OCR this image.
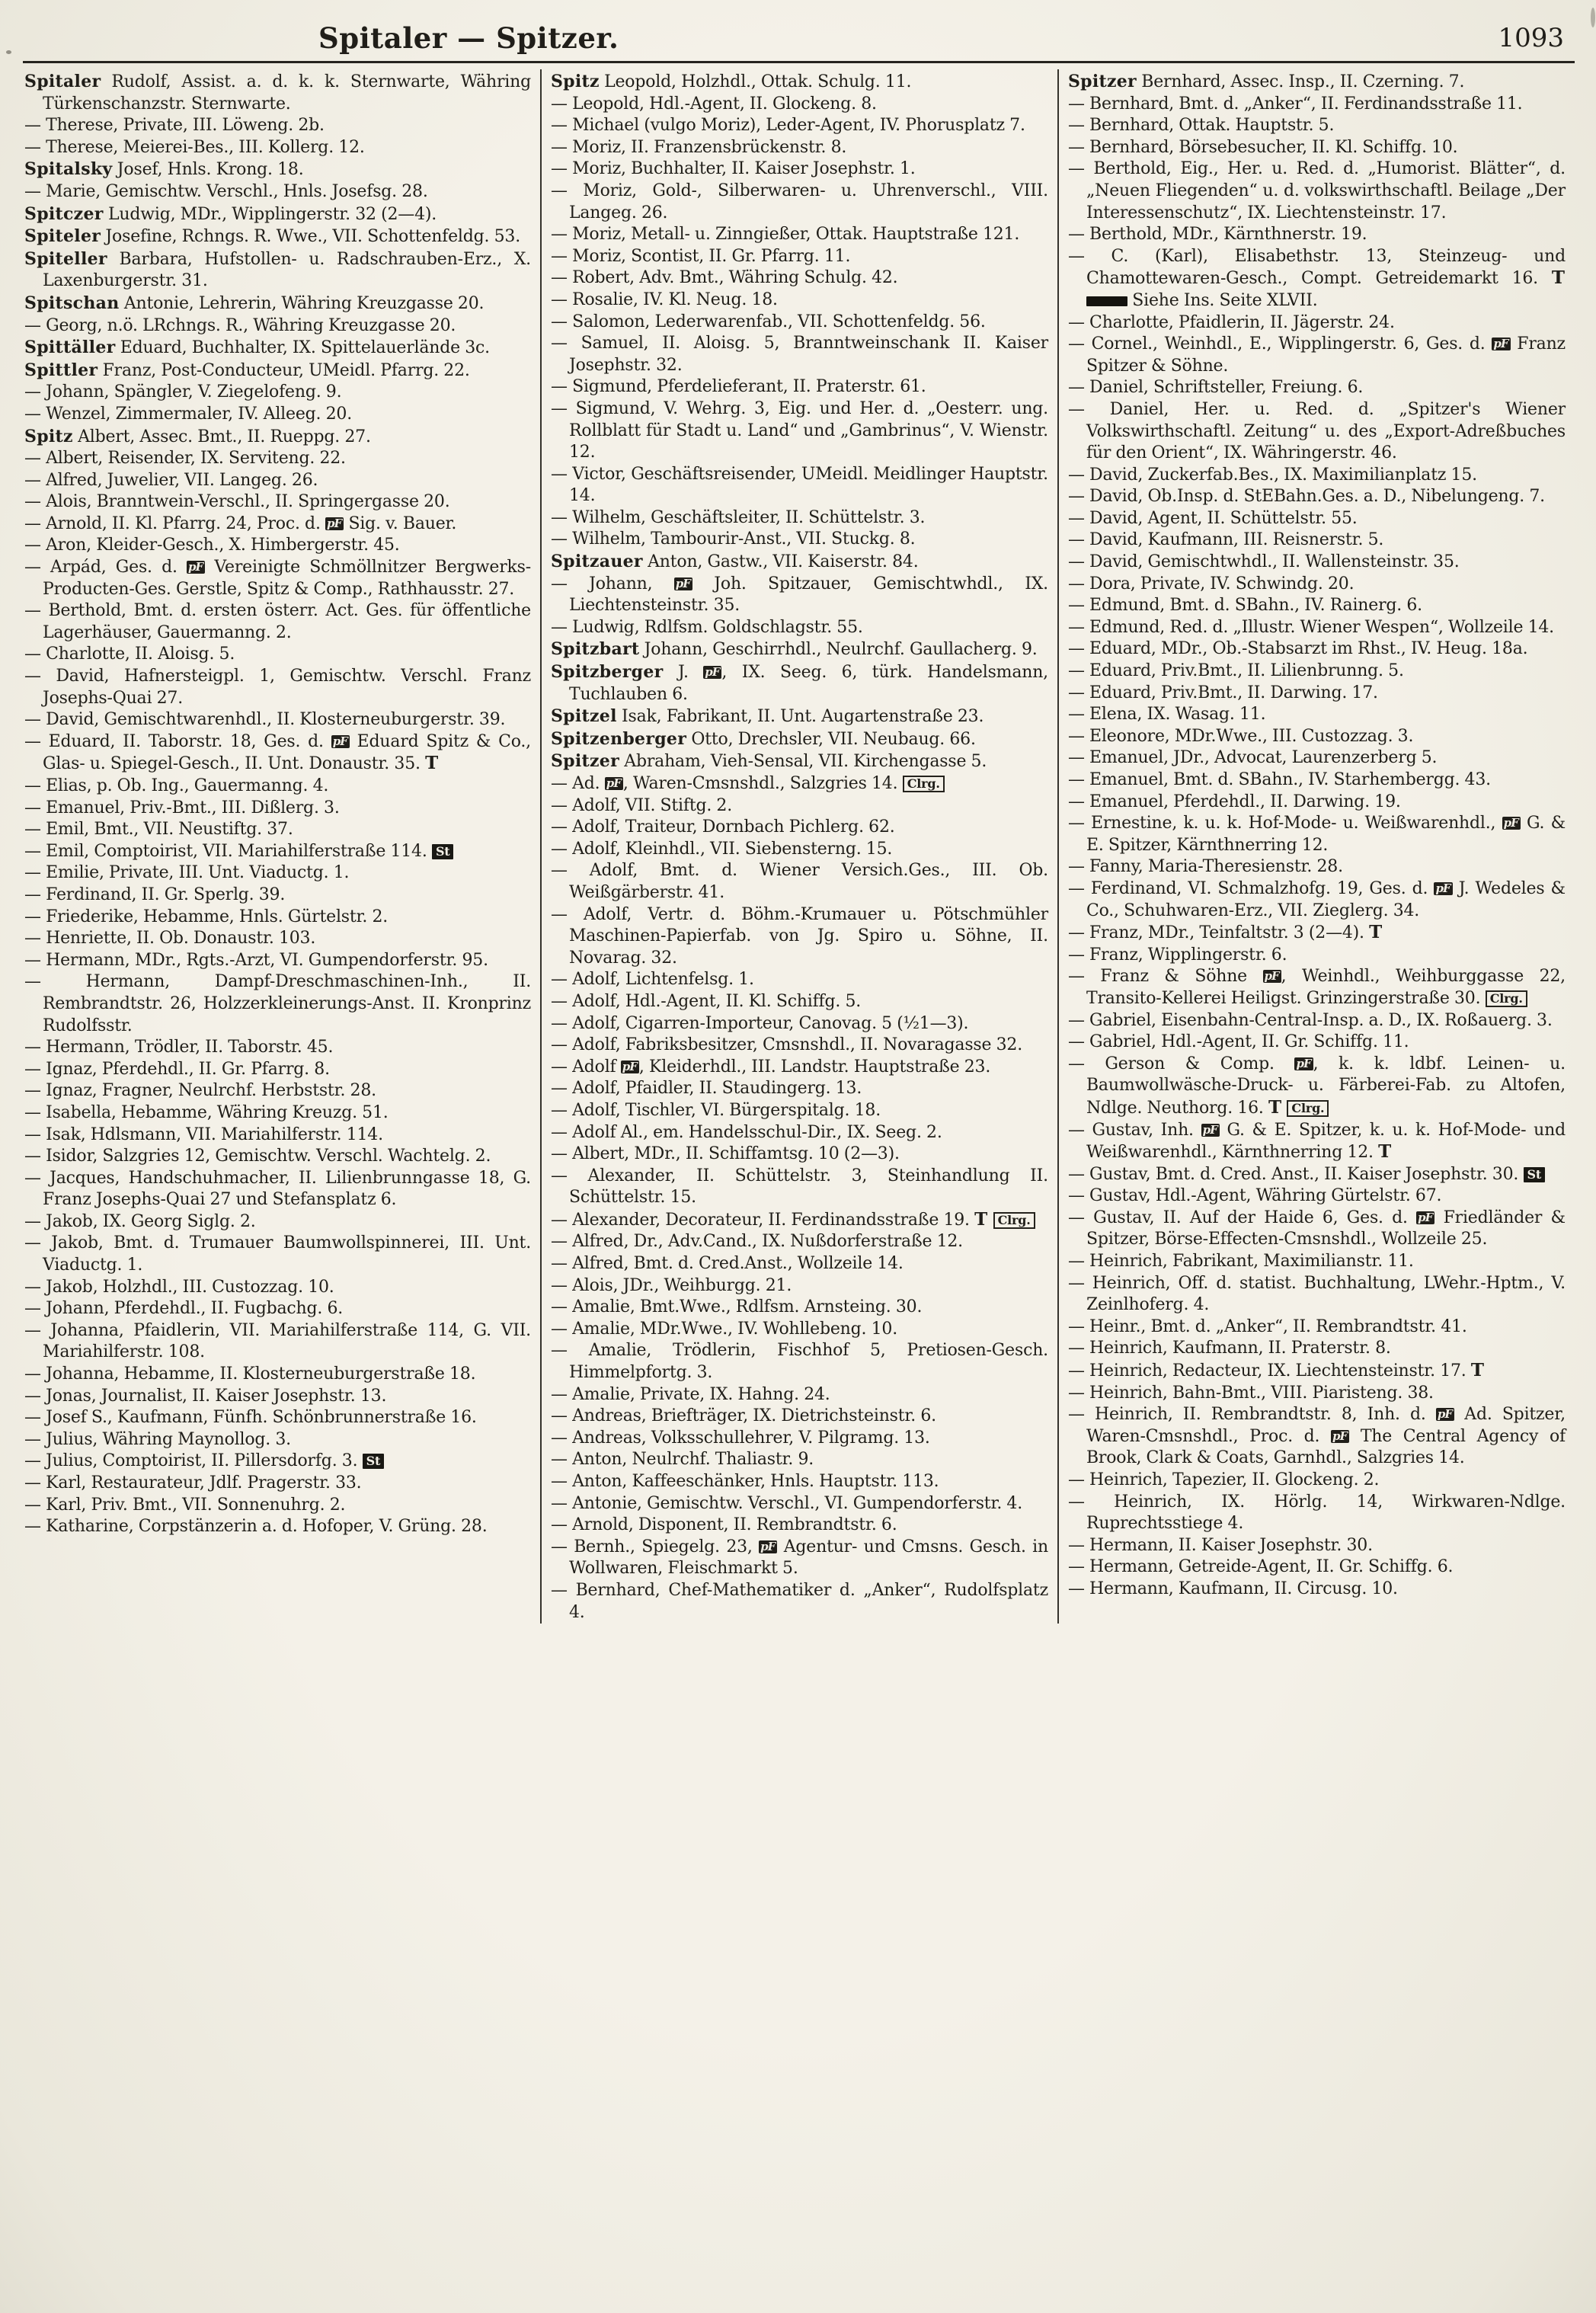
Spitaler — Spitzer.	1093

Spitaler Rudolf, Assist. a. d. k. k. Sternwarte, Währing Türkenschanzstr. Sternwarte.

— Therese, Private, III. Löweng. 2b.

— Therese, Meierei-Bes., III. Kollerg. 12.

Spitalsky Josef, Hnls. Krong. 18.

— Marie, Gemischtw. Verschl., Hnls. Josefsg. 28.

Spitczer Ludwig, MDr., Wipplingerstr. 32 (2—4).

Spiteler Josefine, Rchngs. R. Wwe., VII. Schottenfeldg. 53.

Spiteller Barbara, Hufstollen- u. Radschrauben-Erz., X. Laxenburgerstr. 31.

Spitschan Antonie, Lehrerin, Währing Kreuzgasse 20.

— Georg, n.ö. LRchngs. R., Währing Kreuzgasse 20.

Spittäller Eduard, Buchhalter, IX. Spittelauerlände 3c.

Spittler Franz, Post-Conducteur, UMeidl. Pfarrg. 22.

— Johann, Spängler, V. Ziegelofeng. 9.

— Wenzel, Zimmermaler, IV. Alleeg. 20.

Spitz Albert, Assec. Bmt., II. Rueppg. 27.

— Albert, Reisender, IX. Serviteng. 22.

— Alfred, Juwelier, VII. Langeg. 26.

— Alois, Branntwein-Verschl., II. Springergasse 20.

— Arnold, II. Kl. Pfarrg. 24, Proc. d. pF Sig. v. Bauer.

— Aron, Kleider-Gesch., X. Himbergerstr. 45.

— Arpád, Ges. d. pF Vereinigte Schmöllnitzer Bergwerks-Producten-Ges. Gerstle, Spitz & Comp., Rathhausstr. 27.

— Berthold, Bmt. d. ersten österr. Act. Ges. für öffentliche Lagerhäuser, Gauermanng. 2.

— Charlotte, II. Aloisg. 5.

— David, Hafnersteigpl. 1, Gemischtw. Verschl. Franz Josephs-Quai 27.

— David, Gemischtwarenhdl., II. Klosterneuburgerstr. 39.

— Eduard, II. Taborstr. 18, Ges. d. pF Eduard Spitz & Co., Glas- u. Spiegel-Gesch., II. Unt. Donaustr. 35. T

— Elias, p. Ob. Ing., Gauermanng. 4.

— Emanuel, Priv.-Bmt., III. Dißlerg. 3.

— Emil, Bmt., VII. Neustiftg. 37.

— Emil, Comptoirist, VII. Mariahilferstraße 114. St

— Emilie, Private, III. Unt. Viaductg. 1.

— Ferdinand, II. Gr. Sperlg. 39.

— Friederike, Hebamme, Hnls. Gürtelstr. 2.

— Henriette, II. Ob. Donaustr. 103.

— Hermann, MDr., Rgts.-Arzt, VI. Gumpendorferstr. 95.

— Hermann, Dampf-Dreschmaschinen-Inh., II. Rembrandtstr. 26, Holzzerkleinerungs-Anst. II. Kronprinz Rudolfsstr.

— Hermann, Trödler, II. Taborstr. 45.

— Ignaz, Pferdehdl., II. Gr. Pfarrg. 8.

— Ignaz, Fragner, Neulrchf. Herbststr. 28.

— Isabella, Hebamme, Währing Kreuzg. 51.

— Isak, Hdlsmann, VII. Mariahilferstr. 114.

— Isidor, Salzgries 12, Gemischtw. Verschl. Wachtelg. 2.

— Jacques, Handschuhmacher, II. Lilienbrunngasse 18, G. Franz Josephs-Quai 27 und Stefansplatz 6.

— Jakob, IX. Georg Siglg. 2.

— Jakob, Bmt. d. Trumauer Baumwollspinnerei, III. Unt. Viaductg. 1.

— Jakob, Holzhdl., III. Custozzag. 10.

— Johann, Pferdehdl., II. Fugbachg. 6.

— Johanna, Pfaidlerin, VII. Mariahilferstraße 114, G. VII. Mariahilferstr. 108.

— Johanna, Hebamme, II. Klosterneuburgerstraße 18.

— Jonas, Journalist, II. Kaiser Josephstr. 13.

— Josef S., Kaufmann, Fünfh. Schönbrunnerstraße 16.

— Julius, Währing Maynollog. 3.

— Julius, Comptoirist, II. Pillersdorfg. 3. St

— Karl, Restaurateur, Jdlf. Pragerstr. 33.

— Karl, Priv. Bmt., VII. Sonnenuhrg. 2.

— Katharine, Corpstänzerin a. d. Hofoper, V. Grüng. 28.

Spitz Leopold, Holzhdl., Ottak. Schulg. 11.

— Leopold, Hdl.-Agent, II. Glockeng. 8.

— Michael (vulgo Moriz), Leder-Agent, IV. Phorusplatz 7.

— Moriz, II. Franzensbrückenstr. 8.

— Moriz, Buchhalter, II. Kaiser Josephstr. 1.

— Moriz, Gold-, Silberwaren- u. Uhrenverschl., VIII. Langeg. 26.

— Moriz, Metall- u. Zinngießer, Ottak. Hauptstraße 121.

— Moriz, Scontist, II. Gr. Pfarrg. 11.

— Robert, Adv. Bmt., Währing Schulg. 42.

— Rosalie, IV. Kl. Neug. 18.

— Salomon, Lederwarenfab., VII. Schottenfeldg. 56.

— Samuel, II. Aloisg. 5, Branntweinschank II. Kaiser Josephstr. 32.

— Sigmund, Pferdelieferant, II. Praterstr. 61.

— Sigmund, V. Wehrg. 3, Eig. und Her. d. „Oesterr. ung. Rollblatt für Stadt u. Land“ und „Gambrinus“, V. Wienstr. 12.

— Victor, Geschäftsreisender, UMeidl. Meidlinger Hauptstr. 14.

— Wilhelm, Geschäftsleiter, II. Schüttelstr. 3.

— Wilhelm, Tambourir-Anst., VII. Stuckg. 8.

Spitzauer Anton, Gastw., VII. Kaiserstr. 84.

— Johann, pF Joh. Spitzauer, Gemischtwhdl., IX. Liechtensteinstr. 35.

— Ludwig, Rdlfsm. Goldschlagstr. 55.

Spitzbart Johann, Geschirrhdl., Neulrchf. Gaullacherg. 9.

Spitzberger J. pF , IX. Seeg. 6, türk. Handelsmann, Tuchlauben 6.

Spitzel Isak, Fabrikant, II. Unt. Augartenstraße 23.

Spitzenberger Otto, Drechsler, VII. Neubaug. 66.

Spitzer Abraham, Vieh-Sensal, VII. Kirchengasse 5.

— Ad. pF , Waren-Cmsnshdl., Salzgries 14. Clrg.

— Adolf, VII. Stiftg. 2.

— Adolf, Traiteur, Dornbach Pichlerg. 62.

— Adolf, Kleinhdl., VII. Siebensterng. 15.

— Adolf, Bmt. d. Wiener Versich.Ges., III. Ob. Weißgärberstr. 41.

— Adolf, Vertr. d. Böhm.-Krumauer u. Pötschmühler Maschinen-Papierfab. von Jg. Spiro u. Söhne, II. Novarag. 32.

— Adolf, Lichtenfelsg. 1.

— Adolf, Hdl.-Agent, II. Kl. Schiffg. 5.

— Adolf, Cigarren-Importeur, Canovag. 5 (½1—3).

— Adolf, Fabriksbesitzer, Cmsnshdl., II. Novaragasse 32.

— Adolf pF , Kleiderhdl., III. Landstr. Hauptstraße 23.

— Adolf, Pfaidler, II. Staudingerg. 13.

— Adolf, Tischler, VI. Bürgerspitalg. 18.

— Adolf Al., em. Handelsschul-Dir., IX. Seeg. 2.

— Albert, MDr., II. Schiffamtsg. 10 (2—3).

— Alexander, II. Schüttelstr. 3, Steinhandlung II. Schüttelstr. 15.

— Alexander, Decorateur, II. Ferdinandsstraße 19. T Clrg.

— Alfred, Dr., Adv.Cand., IX. Nußdorferstraße 12.

— Alfred, Bmt. d. Cred.Anst., Wollzeile 14.

— Alois, JDr., Weihburgg. 21.

— Amalie, Bmt.Wwe., Rdlfsm. Arnsteing. 30.

— Amalie, MDr.Wwe., IV. Wohllebeng. 10.

— Amalie, Trödlerin, Fischhof 5, Pretiosen-Gesch. Himmelpfortg. 3.

— Amalie, Private, IX. Hahng. 24.

— Andreas, Briefträger, IX. Dietrichsteinstr. 6.

— Andreas, Volksschullehrer, V. Pilgramg. 13.

— Anton, Neulrchf. Thaliastr. 9.

— Anton, Kaffeeschänker, Hnls. Hauptstr. 113.

— Antonie, Gemischtw. Verschl., VI. Gumpendorferstr. 4.

— Arnold, Disponent, II. Rembrandtstr. 6.

— Bernh., Spiegelg. 23, pF Agentur- und Cmsns. Gesch. in Wollwaren, Fleischmarkt 5.

— Bernhard, Chef-Mathematiker d. „Anker“, Rudolfsplatz 4.

Spitzer Bernhard, Assec. Insp., II. Czerning. 7.

— Bernhard, Bmt. d. „Anker“, II. Ferdinandsstraße 11.

— Bernhard, Ottak. Hauptstr. 5.

— Bernhard, Börsebesucher, II. Kl. Schiffg. 10.

— Berthold, Eig., Her. u. Red. d. „Humorist. Blätter“, d. „Neuen Fliegenden“ u. d. volkswirthschaftl. Beilage „Der Interessenschutz“, IX. Liechtensteinstr. 17.

— Berthold, MDr., Kärnthnerstr. 19.

— C. (Karl), Elisabethstr. 13, Steinzeug- und Chamottewaren-Gesch., Compt. Getreidemarkt 16. T  Siehe Ins. Seite XLVII.

— Charlotte, Pfaidlerin, II. Jägerstr. 24.

— Cornel., Weinhdl., E., Wipplingerstr. 6, Ges. d. pF Franz Spitzer & Söhne.

— Daniel, Schriftsteller, Freiung. 6.

— Daniel, Her. u. Red. d. „Spitzer's Wiener Volkswirthschaftl. Zeitung“ u. des „Export-Adreßbuches für den Orient“, IX. Währingerstr. 46.

— David, Zuckerfab.Bes., IX. Maximilianplatz 15.

— David, Ob.Insp. d. StEBahn.Ges. a. D., Nibelungeng. 7.

— David, Agent, II. Schüttelstr. 55.

— David, Kaufmann, III. Reisnerstr. 5.

— David, Gemischtwhdl., II. Wallensteinstr. 35.

— Dora, Private, IV. Schwindg. 20.

— Edmund, Bmt. d. SBahn., IV. Rainerg. 6.

— Edmund, Red. d. „Illustr. Wiener Wespen“, Wollzeile 14.

— Eduard, MDr., Ob.-Stabsarzt im Rhst., IV. Heug. 18a.

— Eduard, Priv.Bmt., II. Lilienbrunng. 5.

— Eduard, Priv.Bmt., II. Darwing. 17.

— Elena, IX. Wasag. 11.

— Eleonore, MDr.Wwe., III. Custozzag. 3.

— Emanuel, JDr., Advocat, Laurenzerberg 5.

— Emanuel, Bmt. d. SBahn., IV. Starhembergg. 43.

— Emanuel, Pferdehdl., II. Darwing. 19.

— Ernestine, k. u. k. Hof-Mode- u. Weißwarenhdl., pF G. & E. Spitzer, Kärnthnerring 12.

— Fanny, Maria-Theresienstr. 28.

— Ferdinand, VI. Schmalzhofg. 19, Ges. d. pF J. Wedeles & Co., Schuhwaren-Erz., VII. Zieglerg. 34.

— Franz, MDr., Teinfaltstr. 3 (2—4). T

— Franz, Wipplingerstr. 6.

— Franz & Söhne pF , Weinhdl., Weihburggasse 22, Transito-Kellerei Heiligst. Grinzingerstraße 30. Clrg.

— Gabriel, Eisenbahn-Central-Insp. a. D., IX. Roßauerg. 3.

— Gabriel, Hdl.-Agent, II. Gr. Schiffg. 11.

— Gerson & Comp. pF , k. k. ldbf. Leinen- u. Baumwollwäsche-Druck- u. Färberei-Fab. zu Altofen, Ndlge. Neuthorg. 16. T Clrg.

— Gustav, Inh. pF G. & E. Spitzer, k. u. k. Hof-Mode- und Weißwarenhdl., Kärnthnerring 12. T

— Gustav, Bmt. d. Cred. Anst., II. Kaiser Josephstr. 30. St

— Gustav, Hdl.-Agent, Währing Gürtelstr. 67.

— Gustav, II. Auf der Haide 6, Ges. d. pF Friedländer & Spitzer, Börse-Effecten-Cmsnshdl., Wollzeile 25.

— Heinrich, Fabrikant, Maximilianstr. 11.

— Heinrich, Off. d. statist. Buchhaltung, LWehr.-Hptm., V. Zeinlhoferg. 4.

— Heinr., Bmt. d. „Anker“, II. Rembrandtstr. 41.

— Heinrich, Kaufmann, II. Praterstr. 8.

— Heinrich, Redacteur, IX. Liechtensteinstr. 17. T

— Heinrich, Bahn-Bmt., VIII. Piaristeng. 38.

— Heinrich, II. Rembrandtstr. 8, Inh. d. pF Ad. Spitzer, Waren-Cmsnshdl., Proc. d. pF The Central Agency of Brook, Clark & Coats, Garnhdl., Salzgries 14.

— Heinrich, Tapezier, II. Glockeng. 2.

— Heinrich, IX. Hörlg. 14, Wirkwaren-Ndlge. Ruprechtsstiege 4.

— Hermann, II. Kaiser Josephstr. 30.

— Hermann, Getreide-Agent, II. Gr. Schiffg. 6.

— Hermann, Kaufmann, II. Circusg. 10.
